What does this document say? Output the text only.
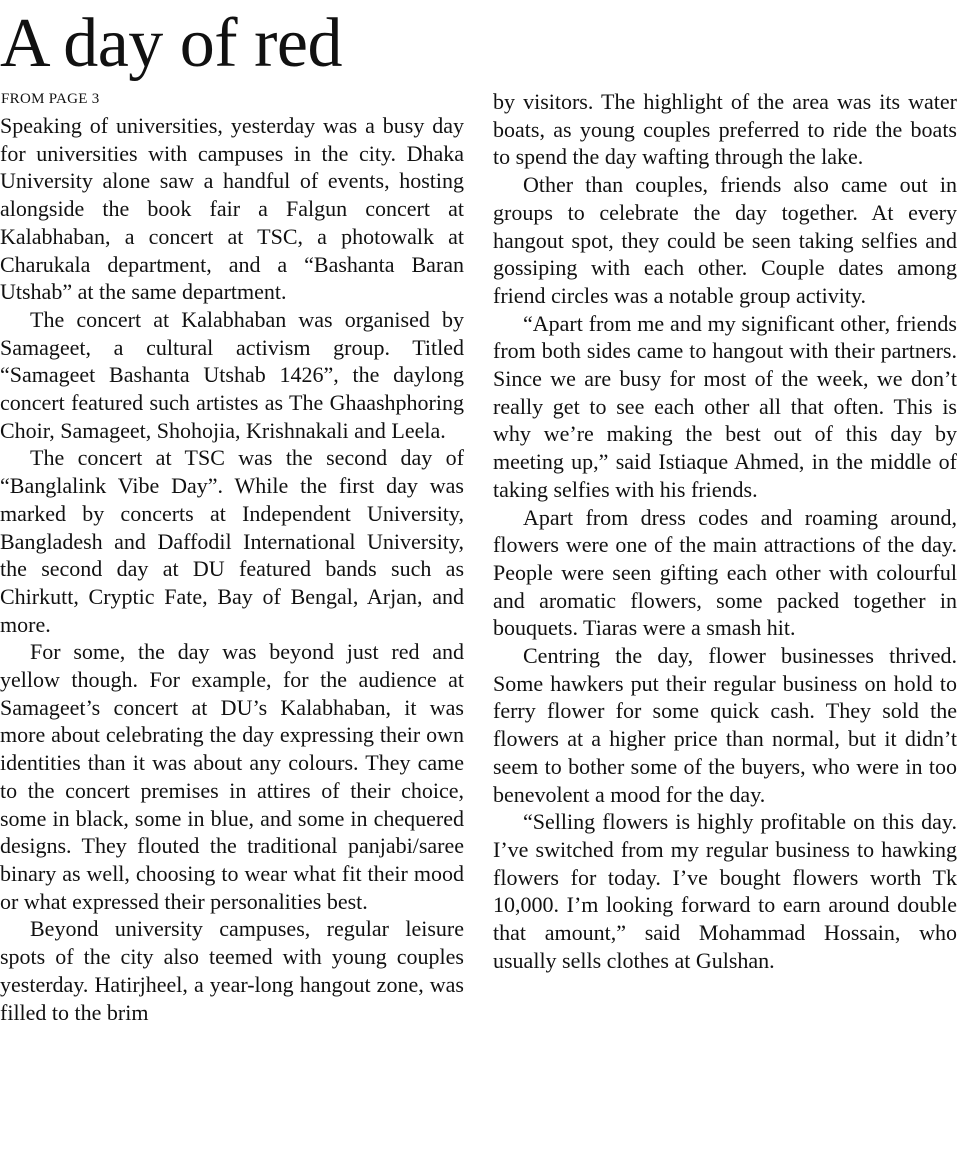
A day of red
FROM PAGE 3

Speaking of universities, yesterday was a busy day for universities with campuses in the city. Dhaka University alone saw a handful of events, hosting alongside the book fair a Falgun concert at Kalabhaban, a concert at TSC, a photowalk at Charukala department, and a “Bashanta Baran Utshab” at the same department.

The concert at Kalabhaban was organised by Samageet, a cultural activism group. Titled “Samageet Bashanta Utshab 1426”, the daylong concert featured such artistes as The Ghaashphoring Choir, Samageet, Shohojia, Krishnakali and Leela.

The concert at TSC was the second day of “Banglalink Vibe Day”. While the first day was marked by concerts at Independent University, Bangladesh and Daffodil International University, the second day at DU featured bands such as Chirkutt, Cryptic Fate, Bay of Bengal, Arjan, and more.

For some, the day was beyond just red and yellow though. For example, for the audience at Samageet’s concert at DU’s Kalabhaban, it was more about celebrating the day expressing their own identities than it was about any colours. They came to the concert premises in attires of their choice, some in black, some in blue, and some in chequered designs. They flouted the traditional panjabi/saree binary as well, choosing to wear what fit their mood or what expressed their personalities best.

Beyond university campuses, regular leisure spots of the city also teemed with young couples yesterday. Hatirjheel, a year-long hangout zone, was filled to the brim

by visitors. The highlight of the area was its water boats, as young couples preferred to ride the boats to spend the day wafting through the lake.

Other than couples, friends also came out in groups to celebrate the day together. At every hangout spot, they could be seen taking selfies and gossiping with each other. Couple dates among friend circles was a notable group activity.

“Apart from me and my significant other, friends from both sides came to hangout with their partners. Since we are busy for most of the week, we don’t really get to see each other all that often. This is why we’re making the best out of this day by meeting up,” said Istiaque Ahmed, in the middle of taking selfies with his friends.

Apart from dress codes and roaming around, flowers were one of the main attractions of the day. People were seen gifting each other with colourful and aromatic flowers, some packed together in bouquets. Tiaras were a smash hit.

Centring the day, flower businesses thrived. Some hawkers put their regular business on hold to ferry flower for some quick cash. They sold the flowers at a higher price than normal, but it didn’t seem to bother some of the buyers, who were in too benevolent a mood for the day.

“Selling flowers is highly profitable on this day. I’ve switched from my regular business to hawking flowers for today. I’ve bought flowers worth Tk 10,000. I’m looking forward to earn around double that amount,” said Mohammad Hossain, who usually sells clothes at Gulshan.
